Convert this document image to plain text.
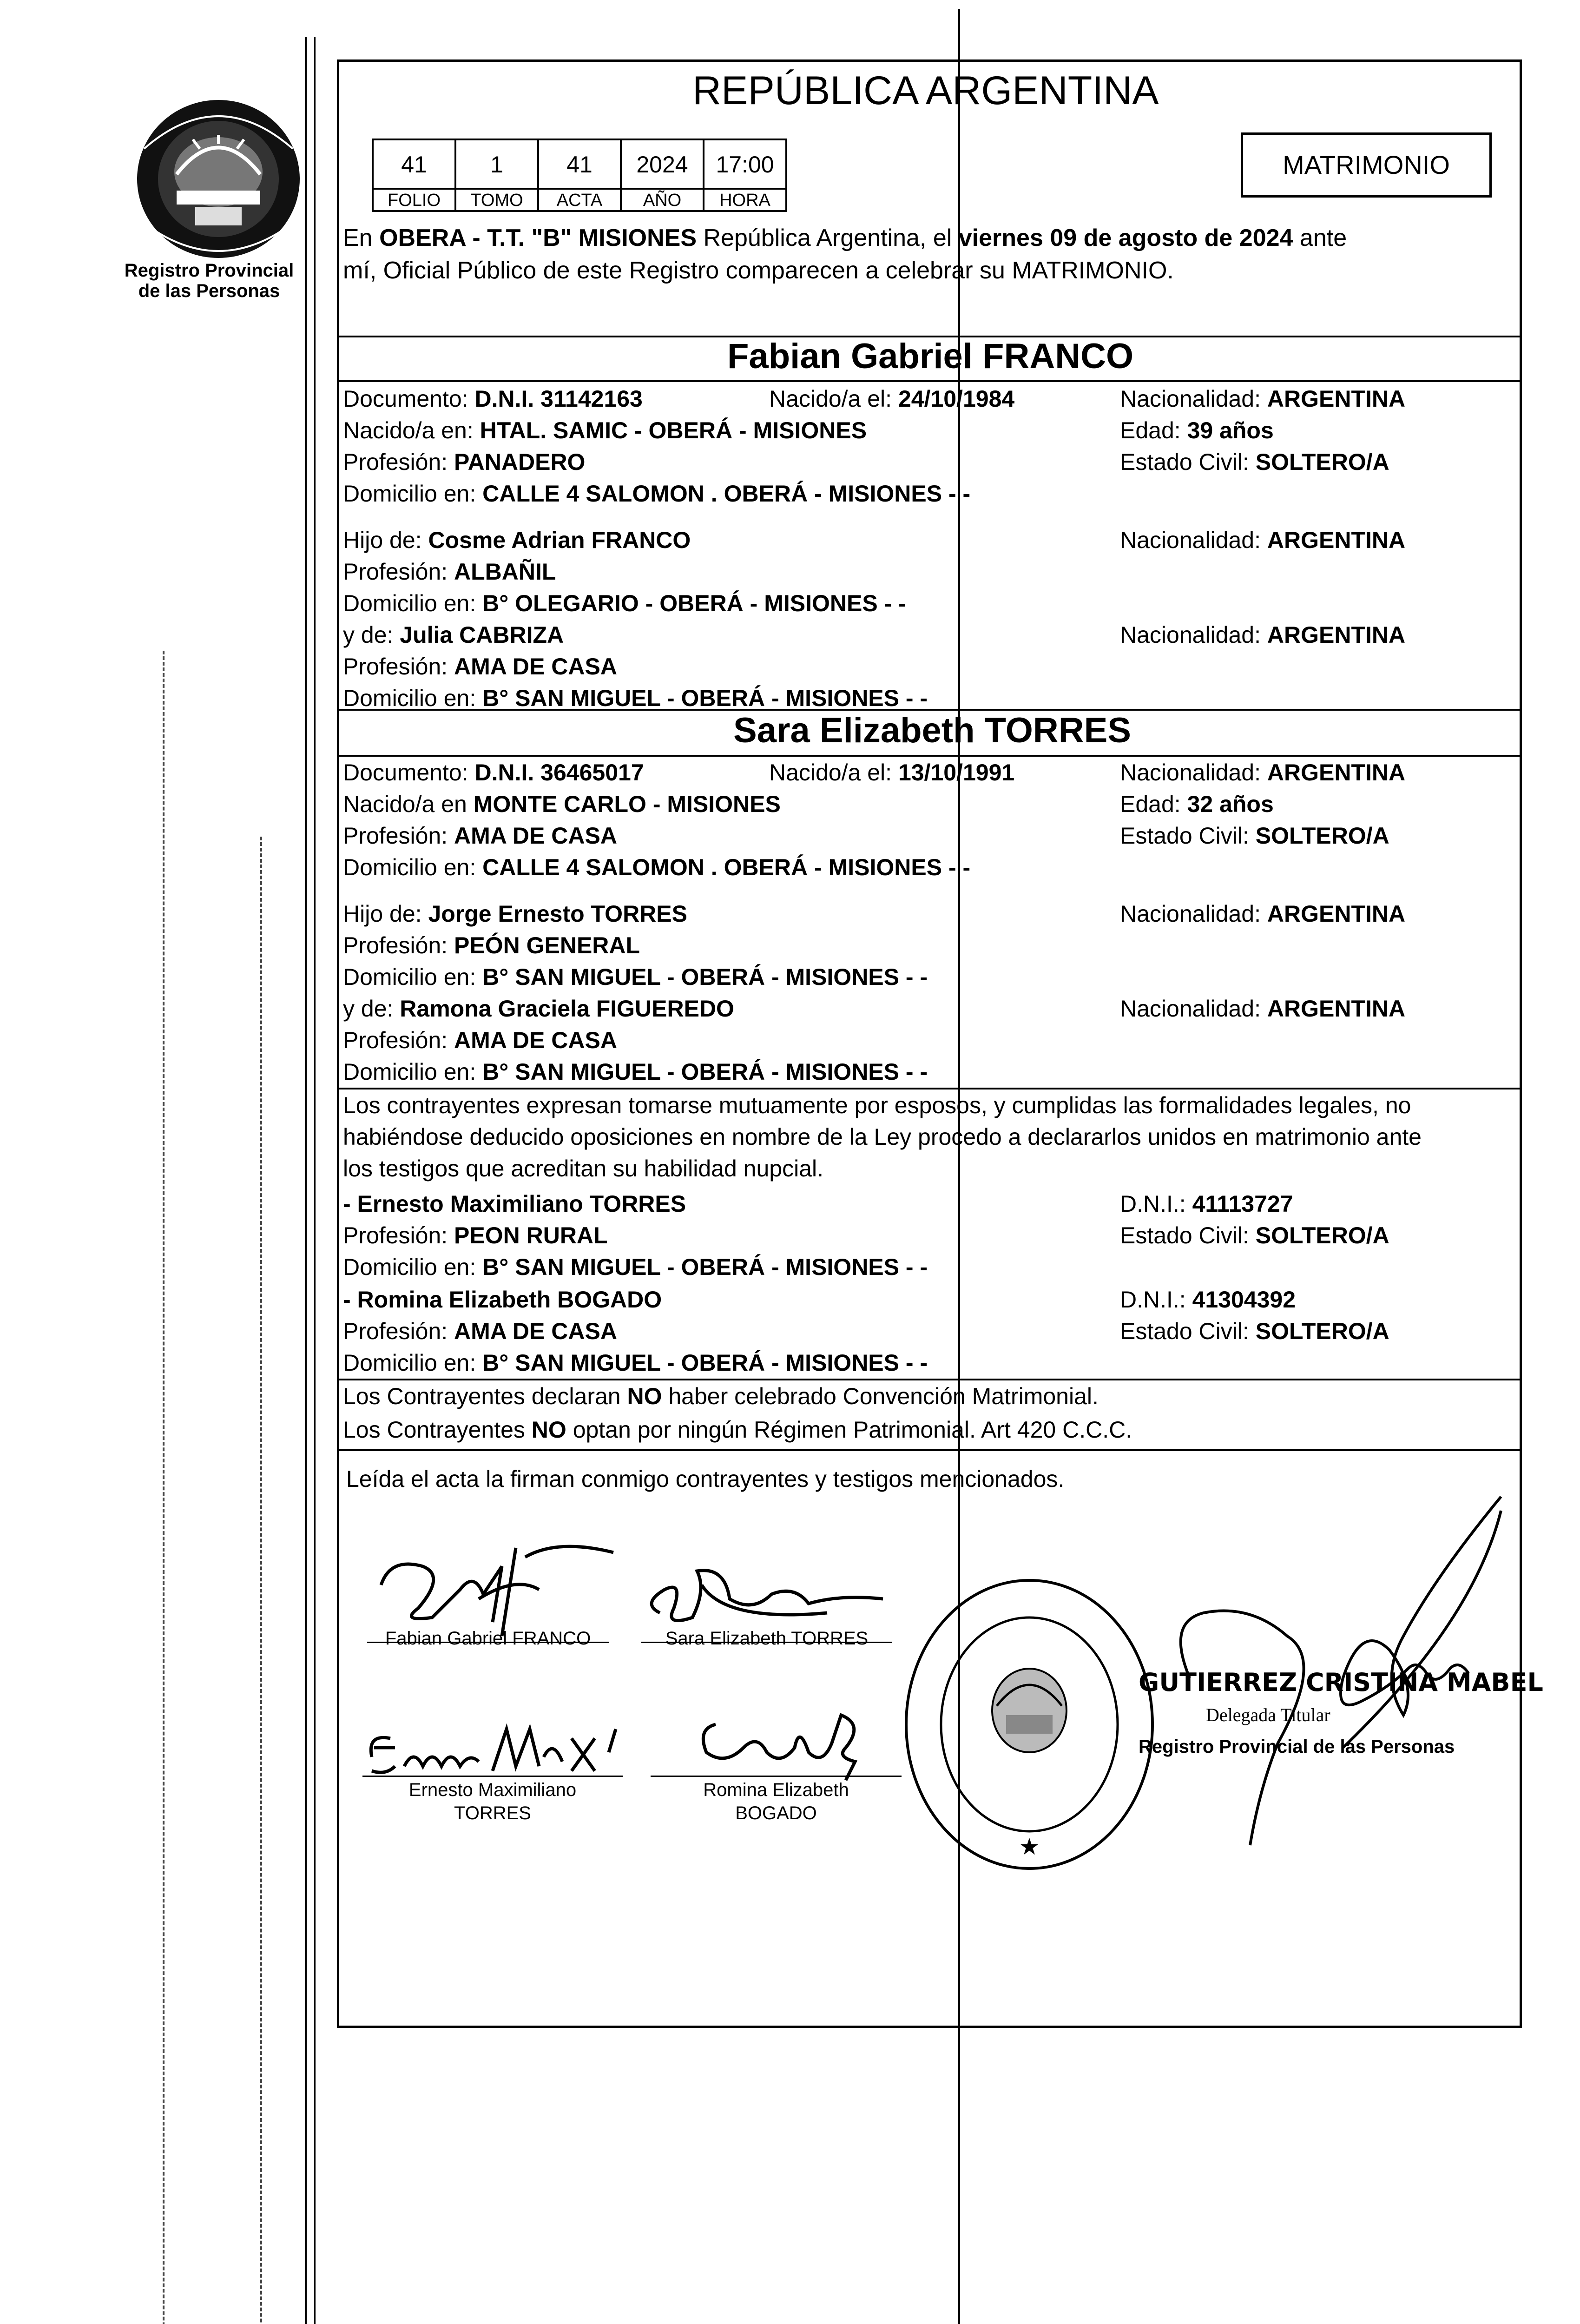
Registro Provincial
de las Personas
REPÚBLICA ARGENTINA
MATRIMONIO
41	1	41	2024	17:00
FOLIO	TOMO	ACTA	AÑO	HORA
En OBERA - T.T. "B" MISIONES República Argentina, el viernes 09 de agosto de 2024 ante
mí, Oficial Público de este Registro comparecen a celebrar su MATRIMONIO.
Fabian Gabriel FRANCO
Documento: D.N.I. 31142163	Nacido/a el: 24/10/1984	Nacionalidad: ARGENTINA
Nacido/a en: HTAL. SAMIC - OBERÁ - MISIONES	Edad: 39 años
Profesión: PANADERO	Estado Civil: SOLTERO/A
Domicilio en: CALLE 4 SALOMON . OBERÁ - MISIONES - -
Hijo de: Cosme Adrian FRANCO	Nacionalidad: ARGENTINA
Profesión: ALBAÑIL
Domicilio en: B° OLEGARIO - OBERÁ - MISIONES - -
y de: Julia CABRIZA	Nacionalidad: ARGENTINA
Profesión: AMA DE CASA
Domicilio en: B° SAN MIGUEL - OBERÁ - MISIONES - -
Sara Elizabeth TORRES
Documento: D.N.I. 36465017	Nacido/a el: 13/10/1991	Nacionalidad: ARGENTINA
Nacido/a en MONTE CARLO - MISIONES	Edad: 32 años
Profesión: AMA DE CASA	Estado Civil: SOLTERO/A
Domicilio en: CALLE 4 SALOMON . OBERÁ - MISIONES - -
Hijo de: Jorge Ernesto TORRES	Nacionalidad: ARGENTINA
Profesión: PEÓN GENERAL
Domicilio en: B° SAN MIGUEL - OBERÁ - MISIONES - -
y de: Ramona Graciela FIGUEREDO	Nacionalidad: ARGENTINA
Profesión: AMA DE CASA
Domicilio en: B° SAN MIGUEL - OBERÁ - MISIONES - -
Los contrayentes expresan tomarse mutuamente por esposos, y cumplidas las formalidades legales, no
habiéndose deducido oposiciones en nombre de la Ley procedo a declararlos unidos en matrimonio ante
los testigos que acreditan su habilidad nupcial.
- Ernesto Maximiliano TORRES	D.N.I.: 41113727
Profesión: PEON RURAL	Estado Civil: SOLTERO/A
Domicilio en: B° SAN MIGUEL - OBERÁ - MISIONES - -
- Romina Elizabeth BOGADO	D.N.I.: 41304392
Profesión: AMA DE CASA	Estado Civil: SOLTERO/A
Domicilio en: B° SAN MIGUEL - OBERÁ - MISIONES - -
Los Contrayentes declaran NO haber celebrado Convención Matrimonial.
Los Contrayentes NO optan por ningún Régimen Patrimonial. Art 420 C.C.C.
Leída el acta la firman conmigo contrayentes y testigos mencionados.
Fabian Gabriel FRANCO	Sara Elizabeth TORRES
Ernesto Maximiliano
TORRES
Romina Elizabeth
BOGADO
★
GUTIERREZ CRISTINA MABEL
Delegada Titular
Registro Provincial de las Personas
